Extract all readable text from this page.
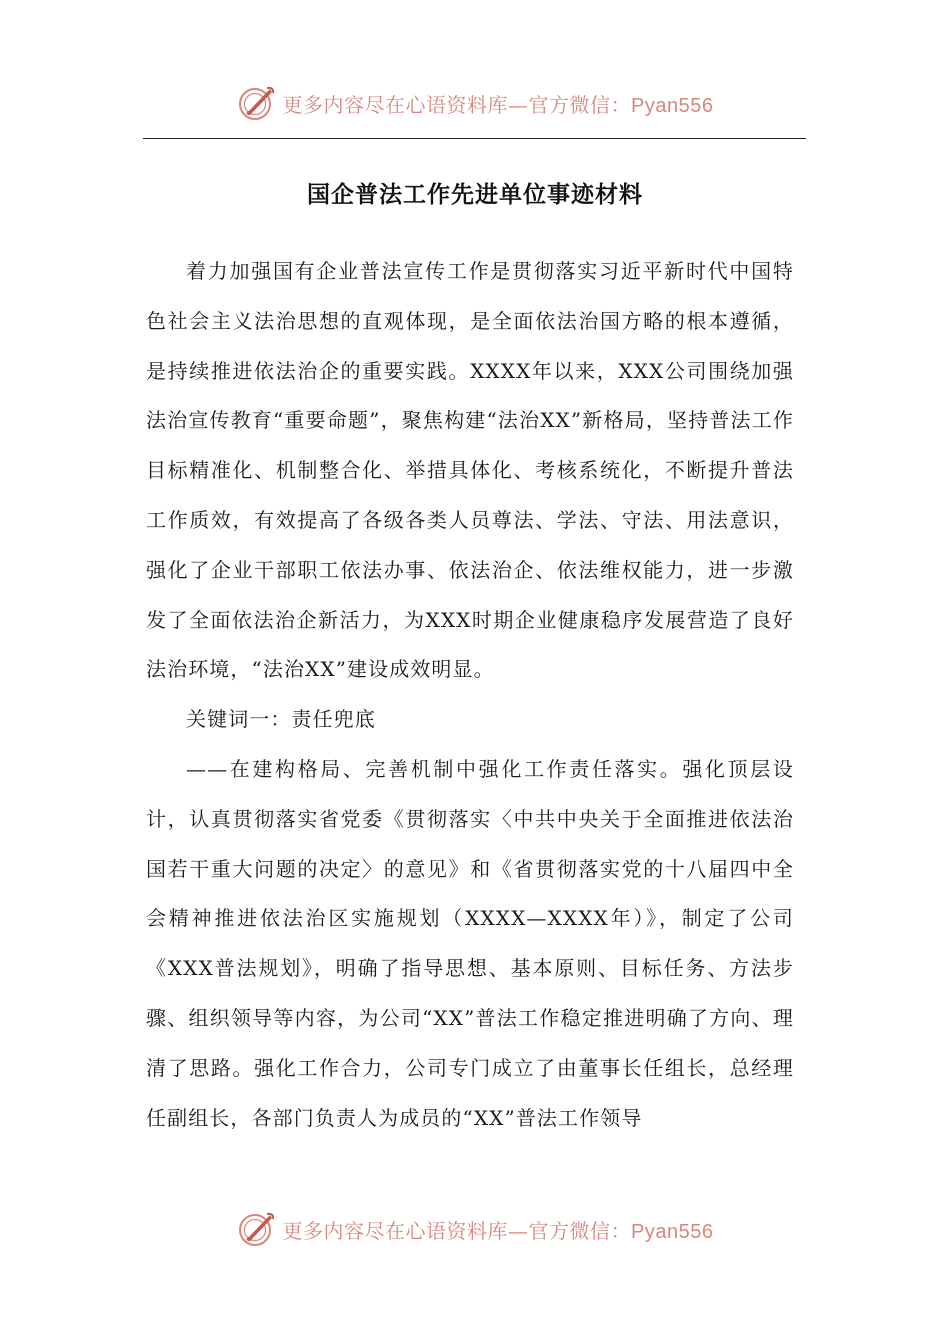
更多内容尽在心语资料库—官方微信：Pyan556
国企普法工作先进单位事迹材料

着力加强国有企业普法宣传工作是贯彻落实习近平新时代中国特色社会主义法治思想的直观体现，是全面依法治国方略的根本遵循，是持续推进依法治企的重要实践。XXXX年以来，XXX公司围绕加强法治宣传教育“重要命题”，聚焦构建“法治XX”新格局，坚持普法工作目标精准化、机制整合化、举措具体化、考核系统化，不断提升普法工作质效，有效提高了各级各类人员尊法、学法、守法、用法意识，强化了企业干部职工依法办事、依法治企、依法维权能力，进一步激发了全面依法治企新活力，为XXX时期企业健康稳序发展营造了良好法治环境，“法治XX”建设成效明显。

关键词一：责任兜底

——在建构格局、完善机制中强化工作责任落实。强化顶层设计，认真贯彻落实省党委《贯彻落实〈中共中央关于全面推进依法治国若干重大问题的决定〉的意见》和《省贯彻落实党的十八届四中全会精神推进依法治区实施规划（XXXX—XXXX年）》，制定了公司《XXX普法规划》，明确了指导思想、基本原则、目标任务、方法步骤、组织领导等内容，为公司“XX”普法工作稳定推进明确了方向、理清了思路。强化工作合力，公司专门成立了由董事长任组长，总经理任副组长，各部门负责人为成员的“XX”普法工作领导

更多内容尽在心语资料库—官方微信：Pyan556
